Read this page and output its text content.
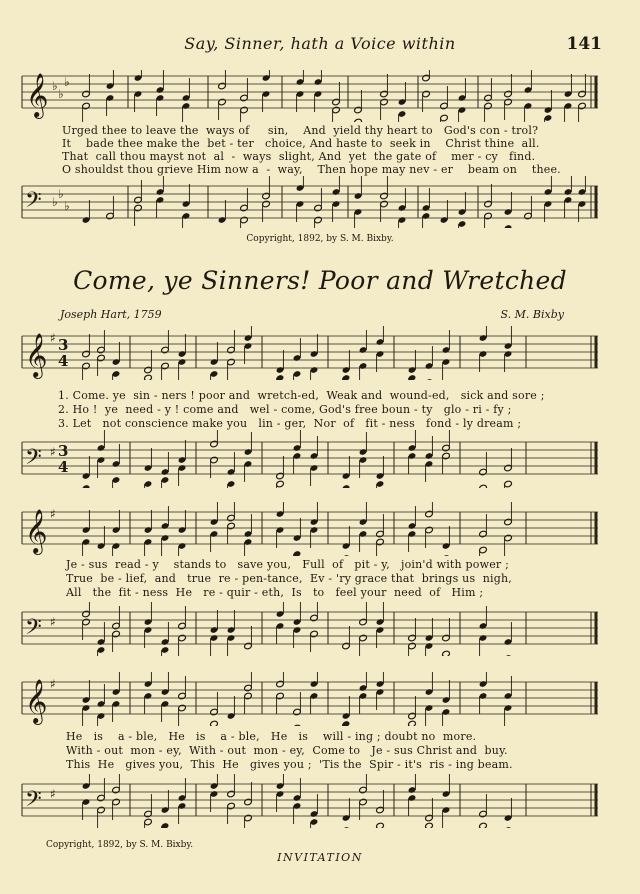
Say, Sinner, hath a Voice within	141
𝄞 ♭
♭
♭
Urged thee to leave the  ways of     sin,    And  yield thy heart to   God's con - trol?
It    bade thee make the  bet - ter   choice, And haste to  seek in    Christ thine  all.
That  call thou mayst not  al  -  ways  slight, And  yet  the gate of    mer - cy   find.
O shouldst thou grieve Him now a  -  way,    Then hope may nev - er    beam on    thee.
𝄢 ♭
♭
♭
Copyright, 1892, by S. M. Bixby.
Come, ye Sinners! Poor and Wretched
Joseph Hart, 1759	S. M. Bixby
𝄞 ♯ 3
4
1. Come. ye  sin - ners ! poor and  wretch-ed,  Weak and  wound-ed,   sick and sore ;
2. Ho !  ye  need - y ! come and   wel - come, God's free boun - ty   glo - ri - fy ;
3. Let   not conscience make you   lin - ger,  Nor  of   fit - ness   fond - ly dream ;
𝄢 ♯ 3
4
𝄞 ♯
Je - sus  read - y    stands to   save you,   Full  of   pit - y,   join'd with power ;
True  be - lief,  and   true  re - pen-tance,  Ev - 'ry grace that  brings us  nigh,
All   the  fit - ness  He   re - quir - eth,  Is   to   feel your  need  of   Him ;
𝄢 ♯
𝄞 ♯
He   is    a - ble,   He   is    a - ble,   He   is    will - ing ; doubt no  more.
With - out  mon - ey,  With - out  mon - ey,  Come to   Je - sus Christ and  buy.
This  He   gives you,  This  He   gives you ;  'Tis the  Spir - it's  ris - ing beam.
𝄢 ♯
Copyright, 1892, by S. M. Bixby.
INVITATION
